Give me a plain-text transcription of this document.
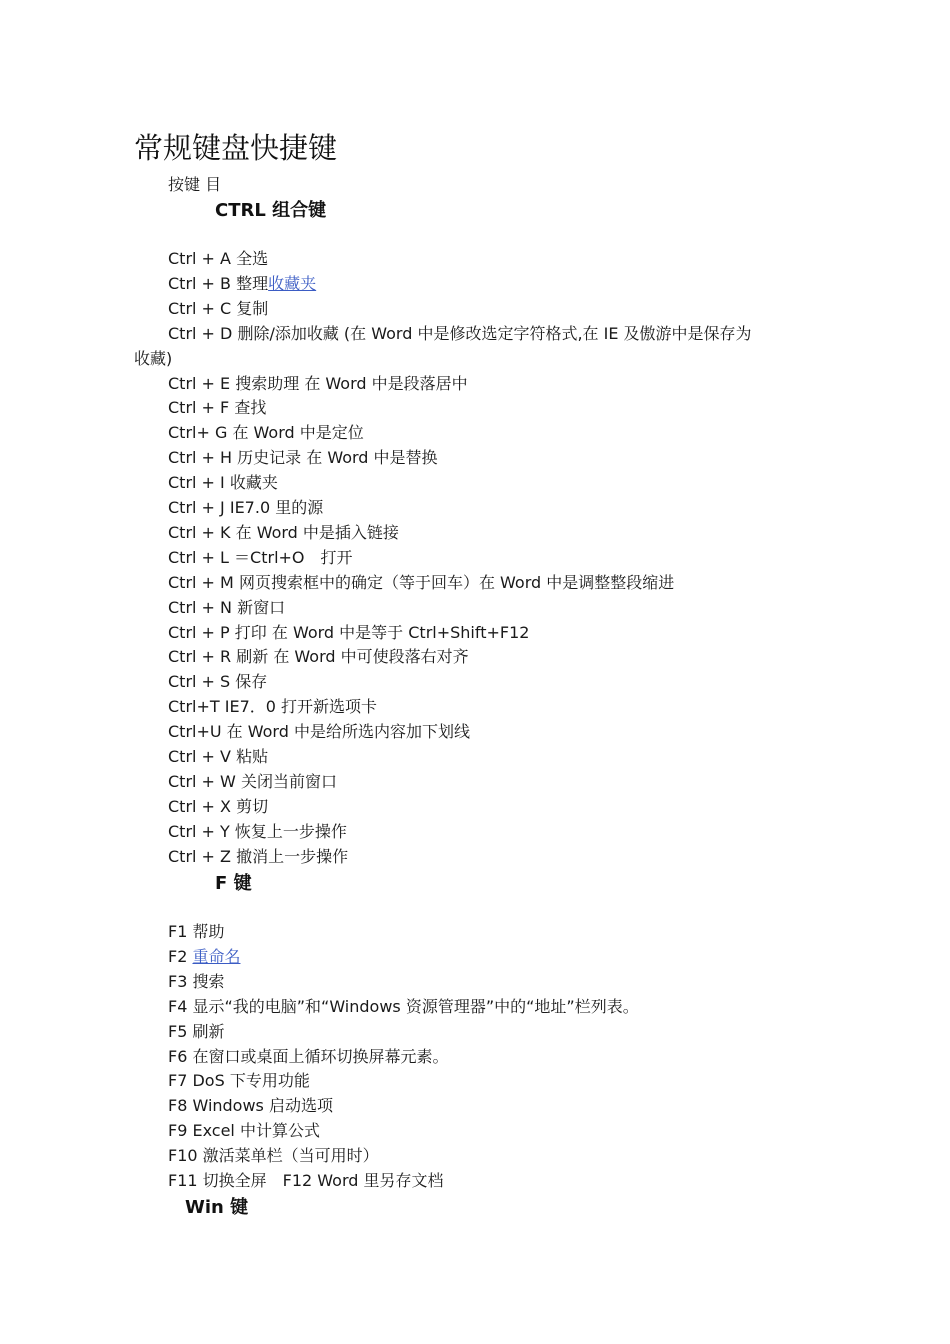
常规键盘快捷键
按键 目
CTRL 组合键
Ctrl + A 全选
Ctrl + B 整理收藏夹
Ctrl + C 复制
Ctrl + D 删除/添加收藏 (在 Word 中是修改选定字符格式,在 IE 及傲游中是保存为
收藏)
Ctrl + E 搜索助理 在 Word 中是段落居中
Ctrl + F 查找
Ctrl+ G 在 Word 中是定位
Ctrl + H 历史记录 在 Word 中是替换
Ctrl + I 收藏夹
Ctrl + J IE7.0 里的源
Ctrl + K 在 Word 中是插入链接
Ctrl + L ＝Ctrl+O　打开
Ctrl + M 网页搜索框中的确定（等于回车）在 Word 中是调整整段缩进
Ctrl + N 新窗口
Ctrl + P 打印 在 Word 中是等于 Ctrl+Shift+F12
Ctrl + R 刷新 在 Word 中可使段落右对齐
Ctrl + S 保存
Ctrl+T IE7．0 打开新选项卡
Ctrl+U 在 Word 中是给所选内容加下划线
Ctrl + V 粘贴
Ctrl + W 关闭当前窗口
Ctrl + X 剪切
Ctrl + Y 恢复上一步操作
Ctrl + Z 撤消上一步操作
F 键
F1 帮助
F2 重命名
F3 搜索
F4 显示“我的电脑”和“Windows 资源管理器”中的“地址”栏列表。
F5 刷新
F6 在窗口或桌面上循环切换屏幕元素。
F7 DoS 下专用功能
F8 Windows 启动选项
F9 Excel 中计算公式
F10 激活菜单栏（当可用时）
F11 切换全屏　F12 Word 里另存文档
Win 键
